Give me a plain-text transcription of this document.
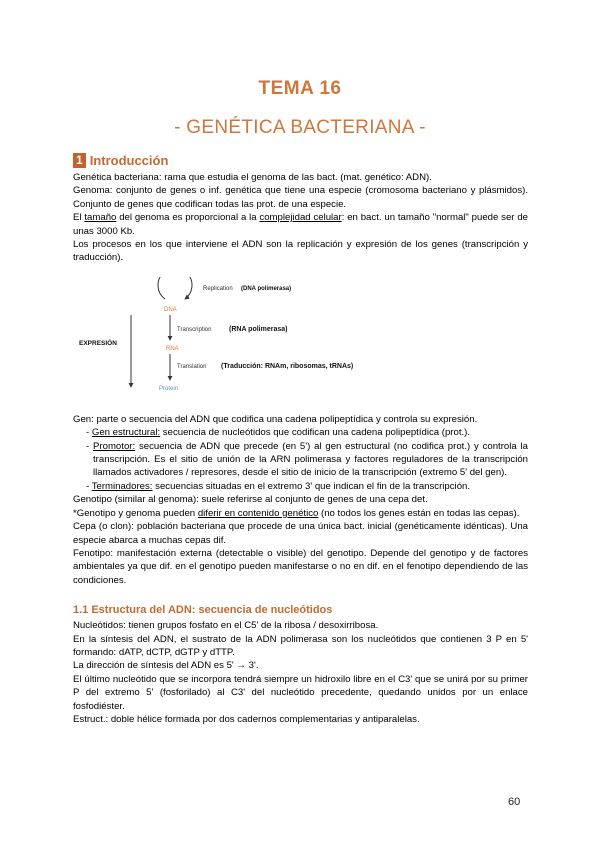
TEMA 16
- GENÉTICA BACTERIANA -
1 Introducción

Genética bacteriana: rama que estudia el genoma de las bact. (mat. genético: ADN).

Genoma: conjunto de genes o inf. genética que tiene una especie (cromosoma bacteriano y plásmidos). Conjunto de genes que codifican todas las prot. de una especie.

El tamaño del genoma es proporcional a la complejidad celular: en bact. un tamaño "normal" puede ser de unas 3000 Kb.

Los procesos en los que interviene el ADN son la replicación y expresión de los genes (transcripción y traducción).

DNA
Replication (DNA polimerasa)
Transcription	(RNA polimerasa)
RNA
Translation (Traducción: RNAm, ribosomas, tRNAs)
Protein
EXPRESIÓN

Gen: parte o secuencia del ADN que codifica una cadena polipeptídica y controla su expresión.

- Gen estructural: secuencia de nucleótidos que codifican una cadena polipeptídica (prot.).

- Promotor: secuencia de ADN que precede (en 5') al gen estructural (no codifica prot.) y controla la transcripción. Es el sitio de unión de la ARN polimerasa y factores reguladores de la transcripción llamados activadores / represores, desde el sitio de inicio de la transcripción (extremo 5' del gen).

- Terminadores: secuencias situadas en el extremo 3' que indican el fin de la transcripción.

Genotipo (similar al genoma): suele referirse al conjunto de genes de una cepa det.

*Genotipo y genoma pueden diferir en contenido genético (no todos los genes están en todas las cepas).

Cepa (o clon): población bacteriana que procede de una única bact. inicial (genéticamente idénticas). Una especie abarca a muchas cepas dif.

Fenotipo: manifestación externa (detectable o visible) del genotipo. Depende del genotipo y de factores ambientales ya que dif. en el genotipo pueden manifestarse o no en dif. en el fenotipo dependiendo de las condiciones.

1.1 Estructura del ADN: secuencia de nucleótidos

Nucleótidos: tienen grupos fosfato en el C5' de la ribosa / desoxirribosa.

En la síntesis del ADN, el sustrato de la ADN polimerasa son los nucleótidos que contienen 3 P en 5' formando: dATP, dCTP, dGTP y dTTP.

La dirección de síntesis del ADN es 5' → 3'.

El último nucleótido que se incorpora tendrá siempre un hidroxilo libre en el C3' que se unirá por su primer P del extremo 5' (fosforilado) al C3' del nucleótido precedente, quedando unidos por un enlace fosfodiéster.

Estruct.: doble hélice formada por dos cadernos complementarias y antiparalelas.

60
